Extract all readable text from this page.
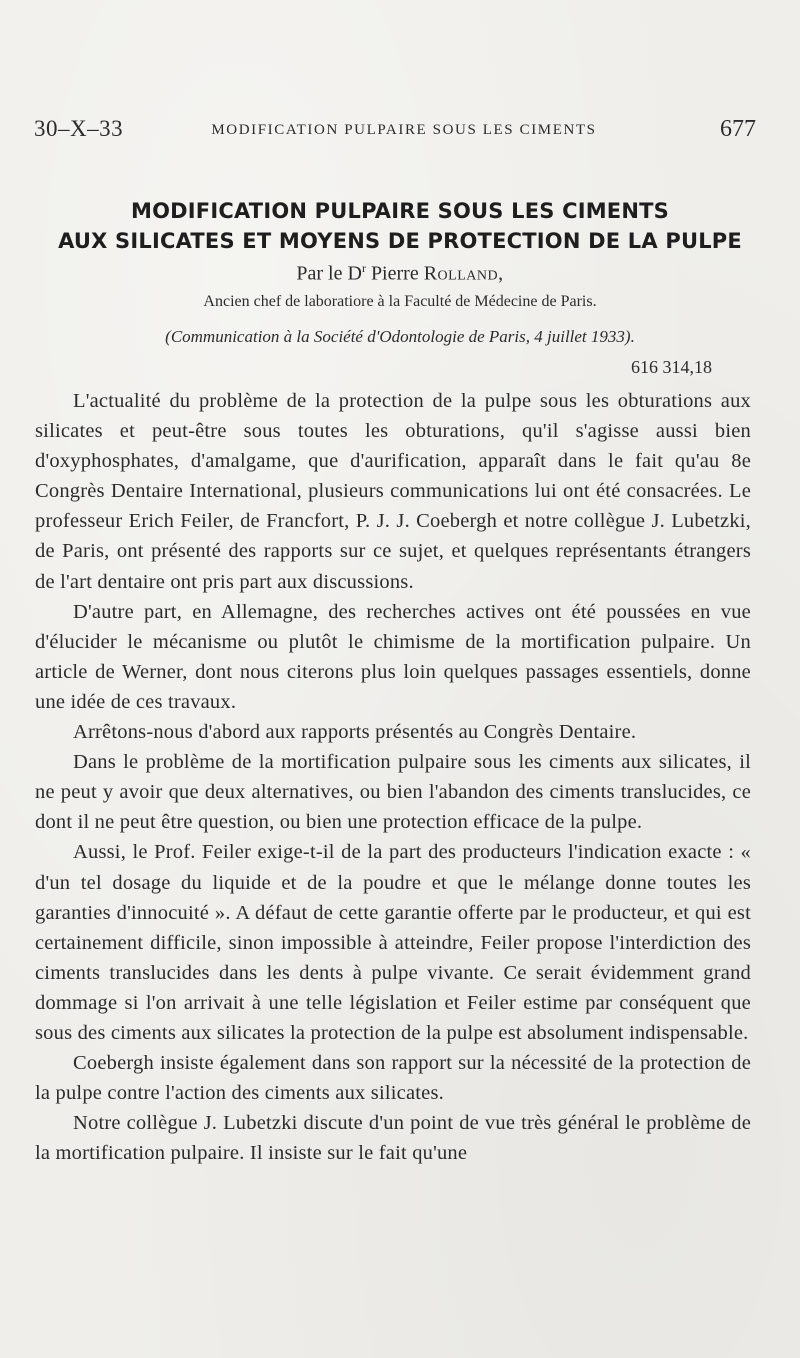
30–X–33	MODIFICATION PULPAIRE SOUS LES CIMENTS	677
MODIFICATION PULPAIRE SOUS LES CIMENTS
AUX SILICATES ET MOYENS DE PROTECTION DE LA PULPE
Par le $D^r$ Pierre Rolland,
Ancien chef de laboratiore à la Faculté de Médecine de Paris.
(Communication à la Société d'Odontologie de Paris, 4 juillet 1933).
616 314,18

L'actualité du problème de la protection de la pulpe sous les obturations aux silicates et peut-être sous toutes les obturations, qu'il s'agisse aussi bien d'oxyphosphates, d'amalgame, que d'aurification, apparaît dans le fait qu'au 8e Congrès Dentaire International, plusieurs communications lui ont été consacrées. Le professeur Erich Feiler, de Francfort, P. J. J. Coebergh et notre collègue J. Lubetzki, de Paris, ont présenté des rapports sur ce sujet, et quelques représentants étrangers de l'art dentaire ont pris part aux discussions.

D'autre part, en Allemagne, des recherches actives ont été poussées en vue d'élucider le mécanisme ou plutôt le chimisme de la mortification pulpaire. Un article de Werner, dont nous citerons plus loin quelques passages essentiels, donne une idée de ces travaux.

Arrêtons-nous d'abord aux rapports présentés au Congrès Dentaire.

Dans le problème de la mortification pulpaire sous les ciments aux silicates, il ne peut y avoir que deux alternatives, ou bien l'abandon des ciments translucides, ce dont il ne peut être question, ou bien une protection efficace de la pulpe.

Aussi, le Prof. Feiler exige-t-il de la part des producteurs l'indication exacte : « d'un tel dosage du liquide et de la poudre et que le mélange donne toutes les garanties d'innocuité ». A défaut de cette garantie offerte par le producteur, et qui est certainement difficile, sinon impossible à atteindre, Feiler propose l'interdiction des ciments translucides dans les dents à pulpe vivante. Ce serait évidemment grand dommage si l'on arrivait à une telle législation et Feiler estime par conséquent que sous des ciments aux silicates la protection de la pulpe est absolument indispensable.

Coebergh insiste également dans son rapport sur la nécessité de la protection de la pulpe contre l'action des ciments aux silicates.

Notre collègue J. Lubetzki discute d'un point de vue très général le problème de la mortification pulpaire. Il insiste sur le fait qu'une
